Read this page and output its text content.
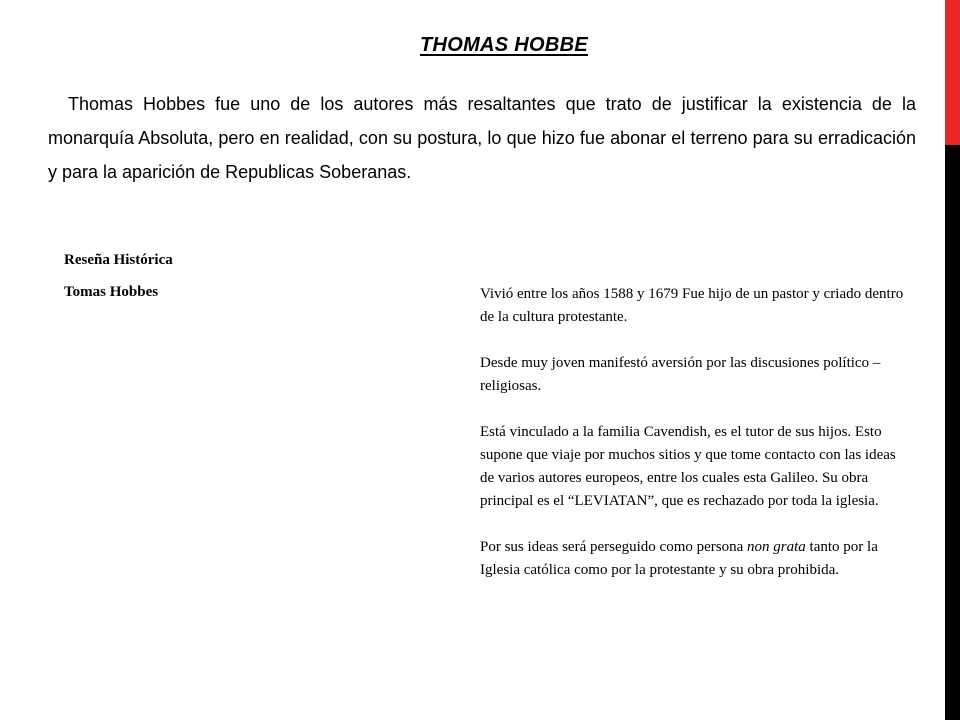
THOMAS HOBBE

Thomas Hobbes fue uno de los autores más resaltantes que trato de justificar la existencia de la monarquía Absoluta, pero en realidad, con su postura, lo que hizo fue abonar el terreno para su erradicación y para la aparición de Republicas Soberanas.

Reseña Histórica

Tomas Hobbes	Vivió entre los años 1588 y 1679 Fue hijo de un pastor y criado dentro de la cultura protestante.

Desde muy joven manifestó aversión por las discusiones político – religiosas.

Está vinculado a la familia Cavendish, es el tutor de sus hijos. Esto supone que viaje por muchos sitios y que tome contacto con las ideas de varios autores europeos, entre los cuales esta Galileo. Su obra principal es el “LEVIATAN”, que es rechazado por toda la iglesia.

Por sus ideas será perseguido como persona non grata tanto por la Iglesia católica como por la protestante y su obra prohibida.
